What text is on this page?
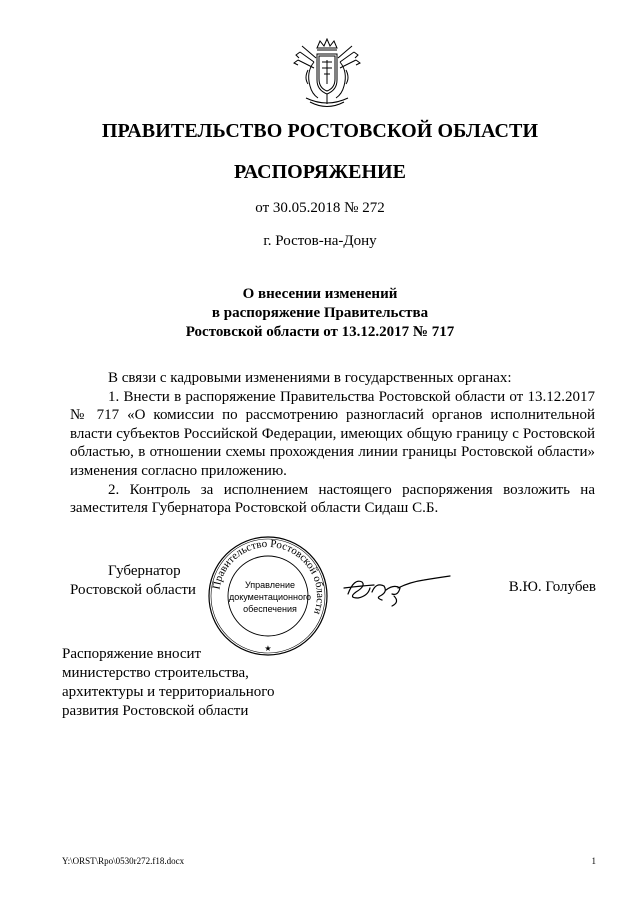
ПРАВИТЕЛЬСТВО РОСТОВСКОЙ ОБЛАСТИ
РАСПОРЯЖЕНИЕ
от 30.05.2018 № 272
г. Ростов-на-Дону
О внесении изменений
в распоряжение Правительства
Ростовской области от 13.12.2017 № 717

В связи с кадровыми изменениями в государственных органах:

1. Внести в распоряжение Правительства Ростовской области от 13.12.2017 № 717 «О комиссии по рассмотрению разногласий органов исполнительной власти субъектов Российской Федерации, имеющих общую границу с Ростовской областью, в отношении схемы прохождения линии границы Ростовской области» изменения согласно приложению.

2. Контроль за исполнением настоящего распоряжения возложить на заместителя Губернатора Ростовской области Сидаш С.Б.

Губернатор
Ростовской области	Правительство Ростовской области
Управление
документационного
обеспечения
★
В.Ю. Голубев
Распоряжение вносит
министерство строительства,
архитектуры и территориального
развития Ростовской области
Y:\ORST\Rpo\0530r272.f18.docx	1
